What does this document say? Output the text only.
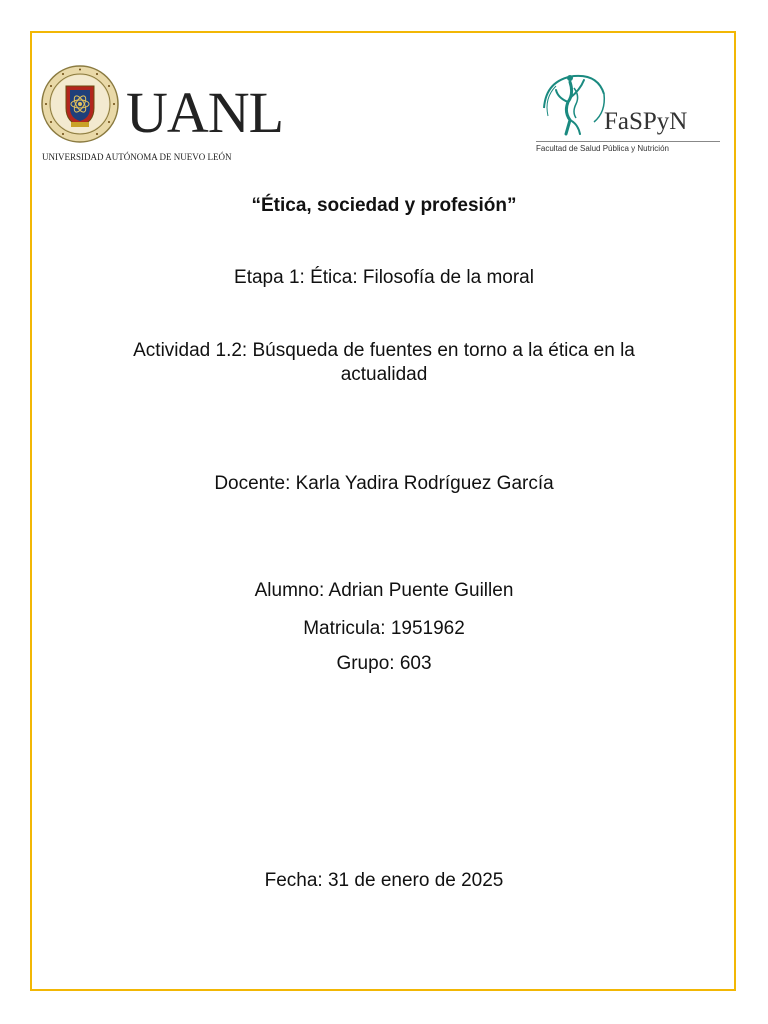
UANL
UNIVERSIDAD AUTÓNOMA DE NUEVO LEÓN
FaSPyN
Facultad de Salud Pública y Nutrición
“Ética, sociedad y profesión”
Etapa 1: Ética: Filosofía de la moral
Actividad 1.2: Búsqueda de fuentes en torno a la ética en la actualidad
Docente: Karla Yadira Rodríguez García
Alumno: Adrian Puente Guillen
Matricula: 1951962
Grupo: 603
Fecha: 31 de enero de 2025
